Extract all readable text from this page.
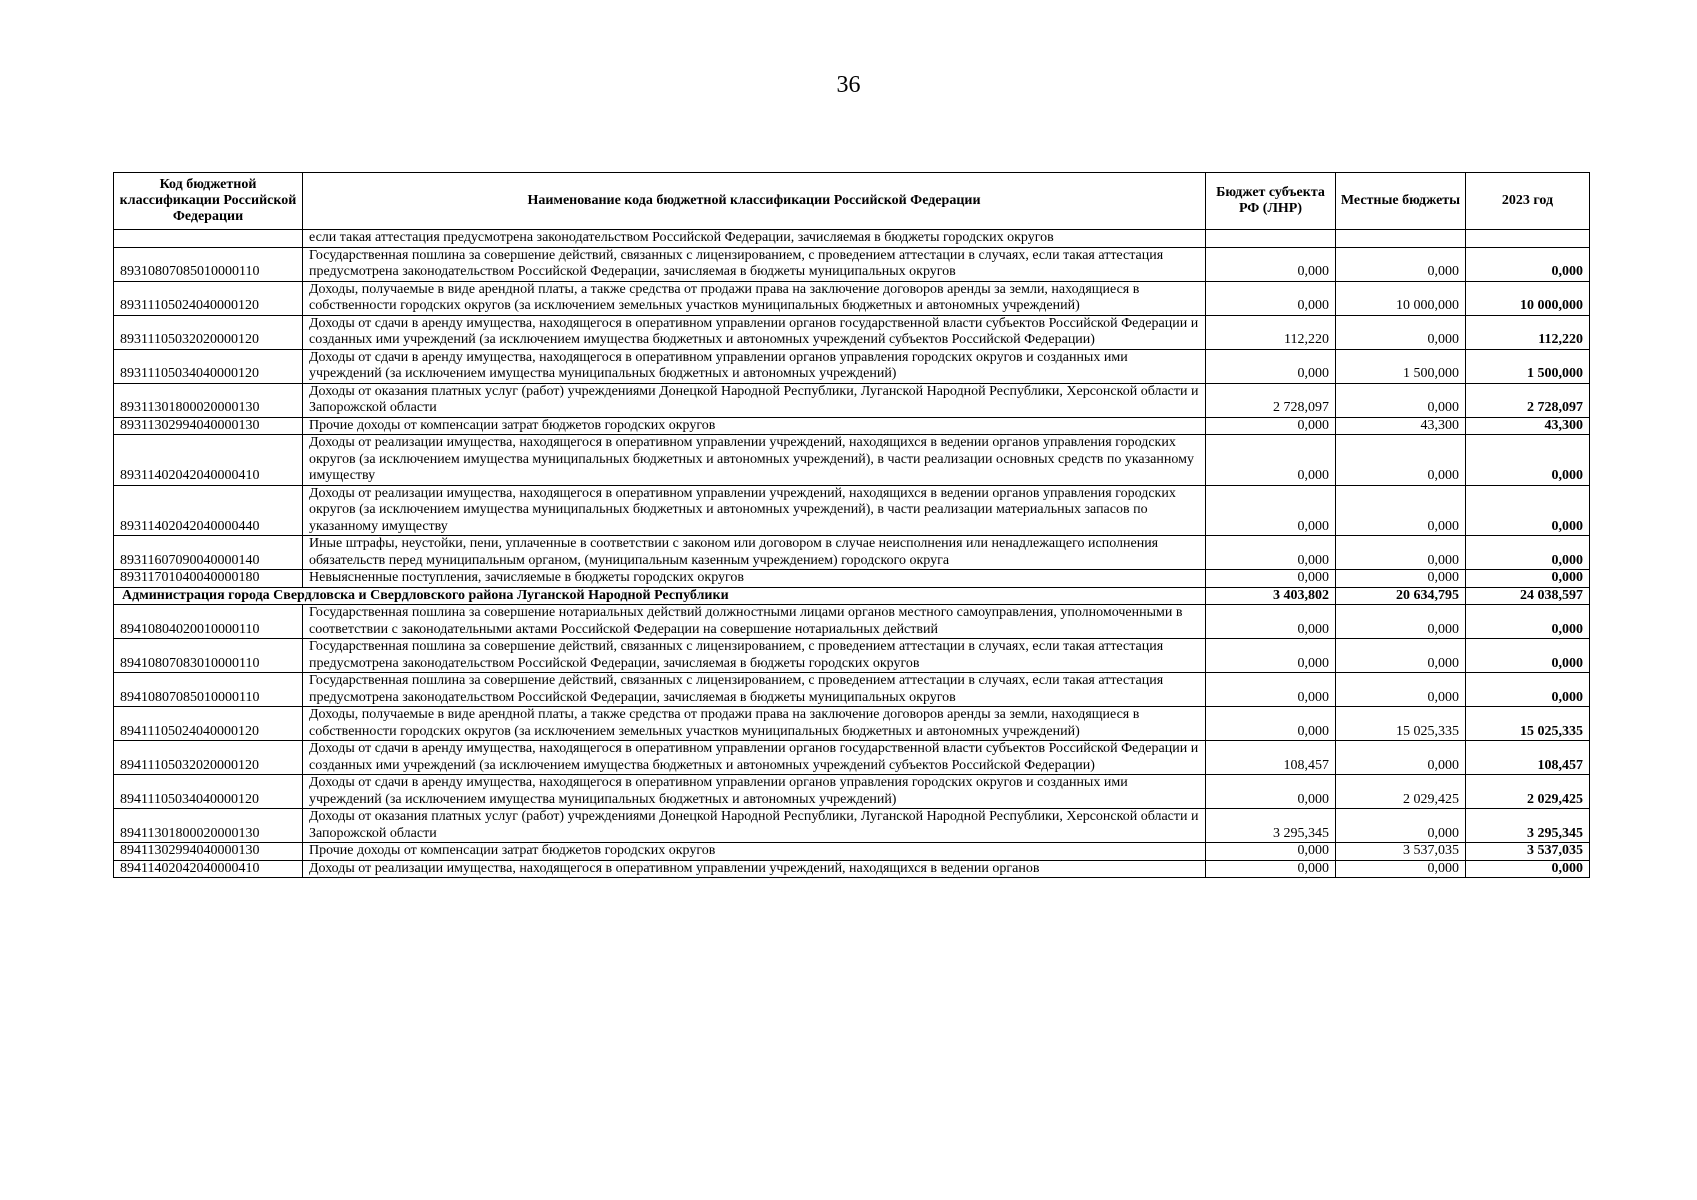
36
Код бюджетной классификации Российской Федерации	Наименование кода бюджетной классификации Российской Федерации	Бюджет субъекта РФ (ЛНР)	Местные бюджеты	2023 год
	если такая аттестация предусмотрена законодательством Российской Федерации, зачисляемая в бюджеты городских округов			
89310807085010000110	Государственная пошлина за совершение действий, связанных с лицензированием, с проведением аттестации в случаях, если такая аттестация предусмотрена законодательством Российской Федерации, зачисляемая в бюджеты муниципальных округов	0,000	0,000	0,000
89311105024040000120	Доходы, получаемые в виде арендной платы, а также средства от продажи права на заключение договоров аренды за земли, находящиеся в собственности городских округов (за исключением земельных участков муниципальных бюджетных и автономных учреждений)	0,000	10 000,000	10 000,000
89311105032020000120	Доходы от сдачи в аренду имущества, находящегося в оперативном управлении органов государственной власти субъектов Российской Федерации и созданных ими учреждений (за исключением имущества бюджетных и автономных учреждений субъектов Российской Федерации)	112,220	0,000	112,220
89311105034040000120	Доходы от сдачи в аренду имущества, находящегося в оперативном управлении органов управления городских округов и созданных ими учреждений (за исключением имущества муниципальных бюджетных и автономных учреждений)	0,000	1 500,000	1 500,000
89311301800020000130	Доходы от оказания платных услуг (работ) учреждениями Донецкой Народной Республики, Луганской Народной Республики, Херсонской области и Запорожской области	2 728,097	0,000	2 728,097
89311302994040000130	Прочие доходы от компенсации затрат бюджетов городских округов	0,000	43,300	43,300
89311402042040000410	Доходы от реализации имущества, находящегося в оперативном управлении учреждений, находящихся в ведении органов управления городских округов (за исключением имущества муниципальных бюджетных и автономных учреждений), в части реализации основных средств по указанному имуществу	0,000	0,000	0,000
89311402042040000440	Доходы от реализации имущества, находящегося в оперативном управлении учреждений, находящихся в ведении органов управления городских округов (за исключением имущества муниципальных бюджетных и автономных учреждений), в части реализации материальных запасов по указанному имуществу	0,000	0,000	0,000
89311607090040000140	Иные штрафы, неустойки, пени, уплаченные в соответствии с законом или договором в случае неисполнения или ненадлежащего исполнения обязательств перед муниципальным органом, (муниципальным казенным учреждением) городского округа	0,000	0,000	0,000
89311701040040000180	Невыясненные поступления, зачисляемые в бюджеты городских округов	0,000	0,000	0,000
Администрация города Свердловска и Свердловского района Луганской Народной Республики		3 403,802	20 634,795	24 038,597
89410804020010000110	Государственная пошлина за совершение нотариальных действий должностными лицами органов местного самоуправления, уполномоченными в соответствии с законодательными актами Российской Федерации на совершение нотариальных действий	0,000	0,000	0,000
89410807083010000110	Государственная пошлина за совершение действий, связанных с лицензированием, с проведением аттестации в случаях, если такая аттестация предусмотрена законодательством Российской Федерации, зачисляемая в бюджеты городских округов	0,000	0,000	0,000
89410807085010000110	Государственная пошлина за совершение действий, связанных с лицензированием, с проведением аттестации в случаях, если такая аттестация предусмотрена законодательством Российской Федерации, зачисляемая в бюджеты муниципальных округов	0,000	0,000	0,000
89411105024040000120	Доходы, получаемые в виде арендной платы, а также средства от продажи права на заключение договоров аренды за земли, находящиеся в собственности городских округов (за исключением земельных участков муниципальных бюджетных и автономных учреждений)	0,000	15 025,335	15 025,335
89411105032020000120	Доходы от сдачи в аренду имущества, находящегося в оперативном управлении органов государственной власти субъектов Российской Федерации и созданных ими учреждений (за исключением имущества бюджетных и автономных учреждений субъектов Российской Федерации)	108,457	0,000	108,457
89411105034040000120	Доходы от сдачи в аренду имущества, находящегося в оперативном управлении органов управления городских округов и созданных ими учреждений (за исключением имущества муниципальных бюджетных и автономных учреждений)	0,000	2 029,425	2 029,425
89411301800020000130	Доходы от оказания платных услуг (работ) учреждениями Донецкой Народной Республики, Луганской Народной Республики, Херсонской области и Запорожской области	3 295,345	0,000	3 295,345
89411302994040000130	Прочие доходы от компенсации затрат бюджетов городских округов	0,000	3 537,035	3 537,035
89411402042040000410	Доходы от реализации имущества, находящегося в оперативном управлении учреждений, находящихся в ведении органов	0,000	0,000	0,000
